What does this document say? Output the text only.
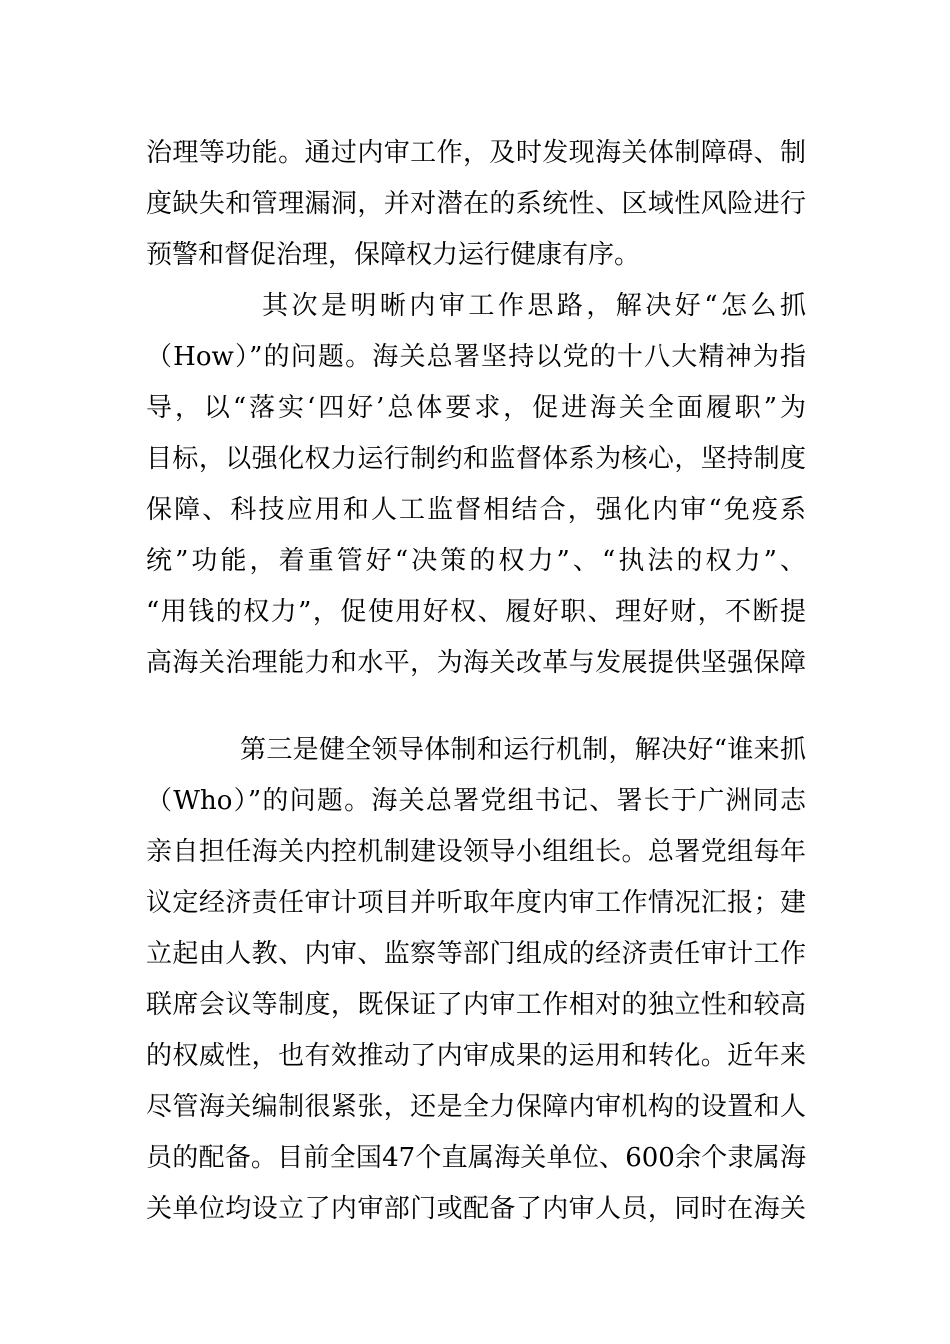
治理等功能。通过内审工作，及时发现海关体制障碍、制
度缺失和管理漏洞，并对潜在的系统性、区域性风险进行
预警和督促治理，保障权力运行健康有序。
其次是明晰内审工作思路，解决好“怎么抓
（How）”的问题。海关总署坚持以党的十八大精神为指
导，以“落实‘四好’总体要求，促进海关全面履职”为
目标，以强化权力运行制约和监督体系为核心，坚持制度
保障、科技应用和人工监督相结合，强化内审“免疫系
统”功能，着重管好“决策的权力”、“执法的权力”、
“用钱的权力”，促使用好权、履好职、理好财，不断提
高海关治理能力和水平，为海关改革与发展提供坚强保障
第三是健全领导体制和运行机制，解决好“谁来抓
（Who）”的问题。海关总署党组书记、署长于广洲同志
亲自担任海关内控机制建设领导小组组长。总署党组每年
议定经济责任审计项目并听取年度内审工作情况汇报；建
立起由人教、内审、监察等部门组成的经济责任审计工作
联席会议等制度，既保证了内审工作相对的独立性和较高
的权威性，也有效推动了内审成果的运用和转化。近年来
尽管海关编制很紧张，还是全力保障内审机构的设置和人
员的配备。目前全国47个直属海关单位、600余个隶属海
关单位均设立了内审部门或配备了内审人员，同时在海关
